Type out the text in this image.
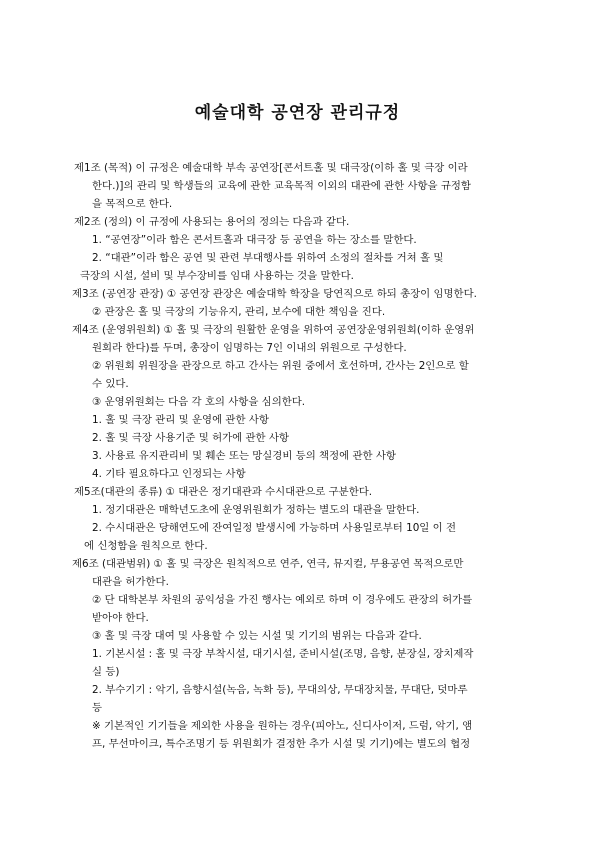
예술대학 공연장 관리규정
제1조 (목적) 이 규정은 예술대학 부속 공연장[콘서트홀 및 대극장(이하 홀 및 극장 이라
한다.)]의 관리 및 학생들의 교육에 관한 교육목적 이외의 대관에 관한 사항을 규정함
을 목적으로 한다.
제2조 (정의) 이 규정에 사용되는 용어의 정의는 다음과 같다.
1. “공연장”이라 함은 콘서트홀과 대극장 등 공연을 하는 장소를 말한다.
2. “대관”이라 함은 공연 및 관련 부대행사를 위하여 소정의 절차를 거쳐 홀 및
극장의 시설, 설비 및 부수장비를 임대 사용하는 것을 말한다.
제3조 (공연장 관장) ① 공연장 관장은 예술대학 학장을 당연직으로 하되 총장이 임명한다.
② 관장은 홀 및 극장의 기능유지, 관리, 보수에 대한 책임을 진다.
제4조 (운영위원회) ① 홀 및 극장의 원활한 운영을 위하여 공연장운영위원회(이하 운영위
원회라 한다)를 두며, 총장이 임명하는 7인 이내의 위원으로 구성한다.
② 위원회 위원장을 관장으로 하고 간사는 위원 중에서 호선하며, 간사는 2인으로 할
수 있다.
③ 운영위원회는 다음 각 호의 사항을 심의한다.
1. 홀 및 극장 관리 및 운영에 관한 사항
2. 홀 및 극장 사용기준 및 허가에 관한 사항
3. 사용료 유지관리비 및 훼손 또는 망실경비 등의 책정에 관한 사항
4. 기타 필요하다고 인정되는 사항
제5조(대관의 종류) ① 대관은 정기대관과 수시대관으로 구분한다.
1. 정기대관은 매학년도초에 운영위원회가 정하는 별도의 대관을 말한다.
2. 수시대관은 당해연도에 잔여일정 발생시에 가능하며 사용일로부터 10일 이 전
에 신청함을 원칙으로 한다.
제6조 (대관범위) ① 홀 및 극장은 원칙적으로 연주, 연극, 뮤지컬, 무용공연 목적으로만
대관을 허가한다.
② 단 대학본부 차원의 공익성을 가진 행사는 예외로 하며 이 경우에도 관장의 허가를
받아야 한다.
③ 홀 및 극장 대여 및 사용할 수 있는 시설 및 기기의 범위는 다음과 같다.
1. 기본시설 : 홀 및 극장 부착시설, 대기시설, 준비시설(조명, 음향, 분장실, 장치제작
실 등)
2. 부수기기 : 악기, 음향시설(녹음, 녹화 등), 무대의상, 무대장치물, 무대단, 덧마루
등
※ 기본적인 기기들을 제외한 사용을 원하는 경우(피아노, 신디사이저, 드럼, 악기, 앰
프, 무선마이크, 특수조명기 등 위원회가 결정한 추가 시설 및 기기)에는 별도의 협정
